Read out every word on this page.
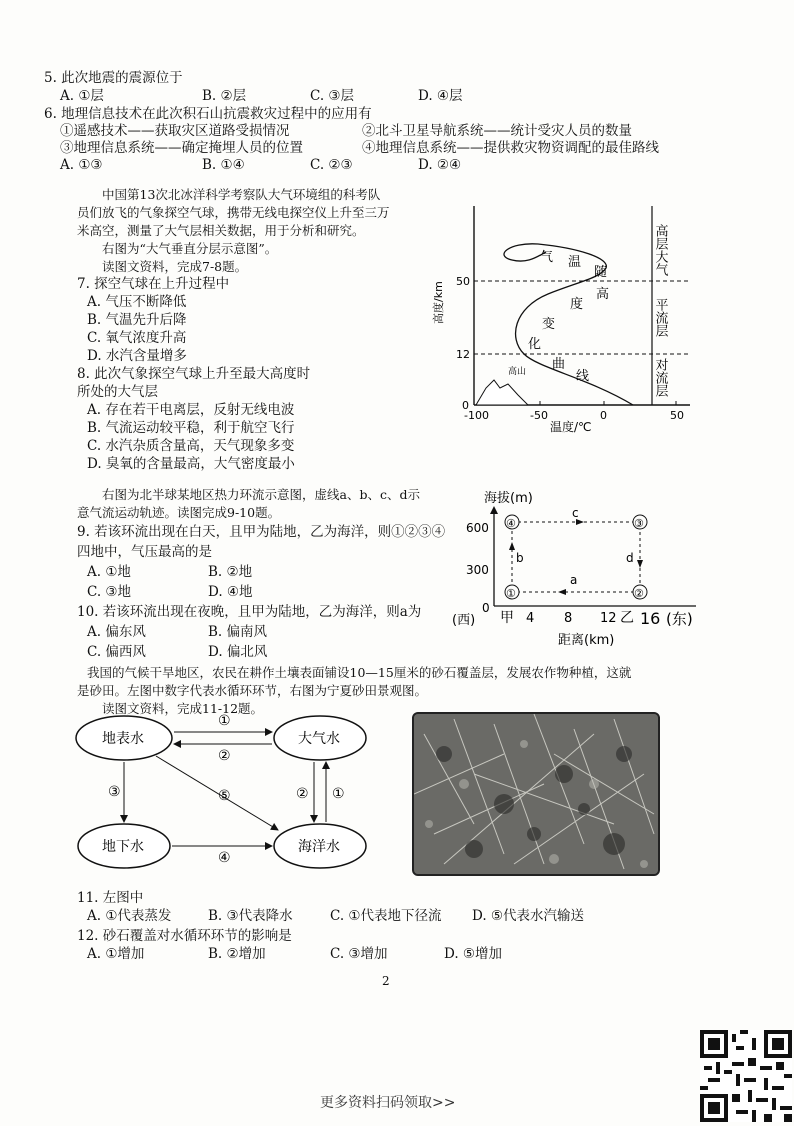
5. 此次地震的震源位于
A. ①层	B. ②层	C. ③层	D. ④层
6. 地理信息技术在此次积石山抗震救灾过程中的应用有
①遥感技术——获取灾区道路受损情况	②北斗卫星导航系统——统计受灾人员的数量
③地理信息系统——确定掩埋人员的位置	④地理信息系统——提供救灾物资调配的最佳路线
A. ①③	B. ①④	C. ②③	D. ②④
中国第13次北冰洋科学考察队大气环境组的科考队
员们放飞的气象探空气球，携带无线电探空仪上升至三万
米高空，测量了大气层相关数据，用于分析和研究。
右图为“大气垂直分层示意图”。
读图文资料，完成7-8题。
7. 探空气球在上升过程中
A. 气压不断降低
B. 气温先升后降
C. 氧气浓度升高
D. 水汽含量增多
8. 此次气象探空气球上升至最大高度时
所处的大气层
A. 存在若干电离层，反射无线电波
B. 气流运动较平稳，利于航空飞行
C. 水汽杂质含量高，天气现象多变
D. 臭氧的含量最高，大气密度最小
-100	-50	0	50
0
12
50
高度/km
温度/℃
高山
气 温
随
高
度
变
化
曲
线
高层大气
平流层
对流层
右图为北半球某地区热力环流示意图，虚线a、b、c、d示
意气流运动轨迹。读图完成9-10题。
9. 若该环流出现在白天，且甲为陆地，乙为海洋，则①②③④
四地中，气压最高的是
A. ①地	B. ②地
C. ③地	D. ④地
10. 若该环流出现在夜晚，且甲为陆地，乙为海洋，则a为
A. 偏东风	B. 偏南风
C. 偏西风	D. 偏北风
海拔(m)
600
300
0
(西) 甲 4 8 12 乙 16 (东)
距离(km)
①	②
③
④
a
b
c
d
我国的气候干旱地区，农民在耕作土壤表面铺设10—15厘米的砂石覆盖层，发展农作物种植，这就
是砂田。左图中数字代表水循环环节，右图为宁夏砂田景观图。
读图文资料，完成11-12题。
地表水	大气水
地下水	海洋水
①
②
③	⑤
④
② ①
11. 左图中
A. ①代表蒸发	B. ③代表降水	C. ①代表地下径流 D. ⑤代表水汽输送
12. 砂石覆盖对水循环环节的影响是
A. ①增加	B. ②增加	C. ③增加	D. ⑤增加
2
更多资料扫码领取>>
